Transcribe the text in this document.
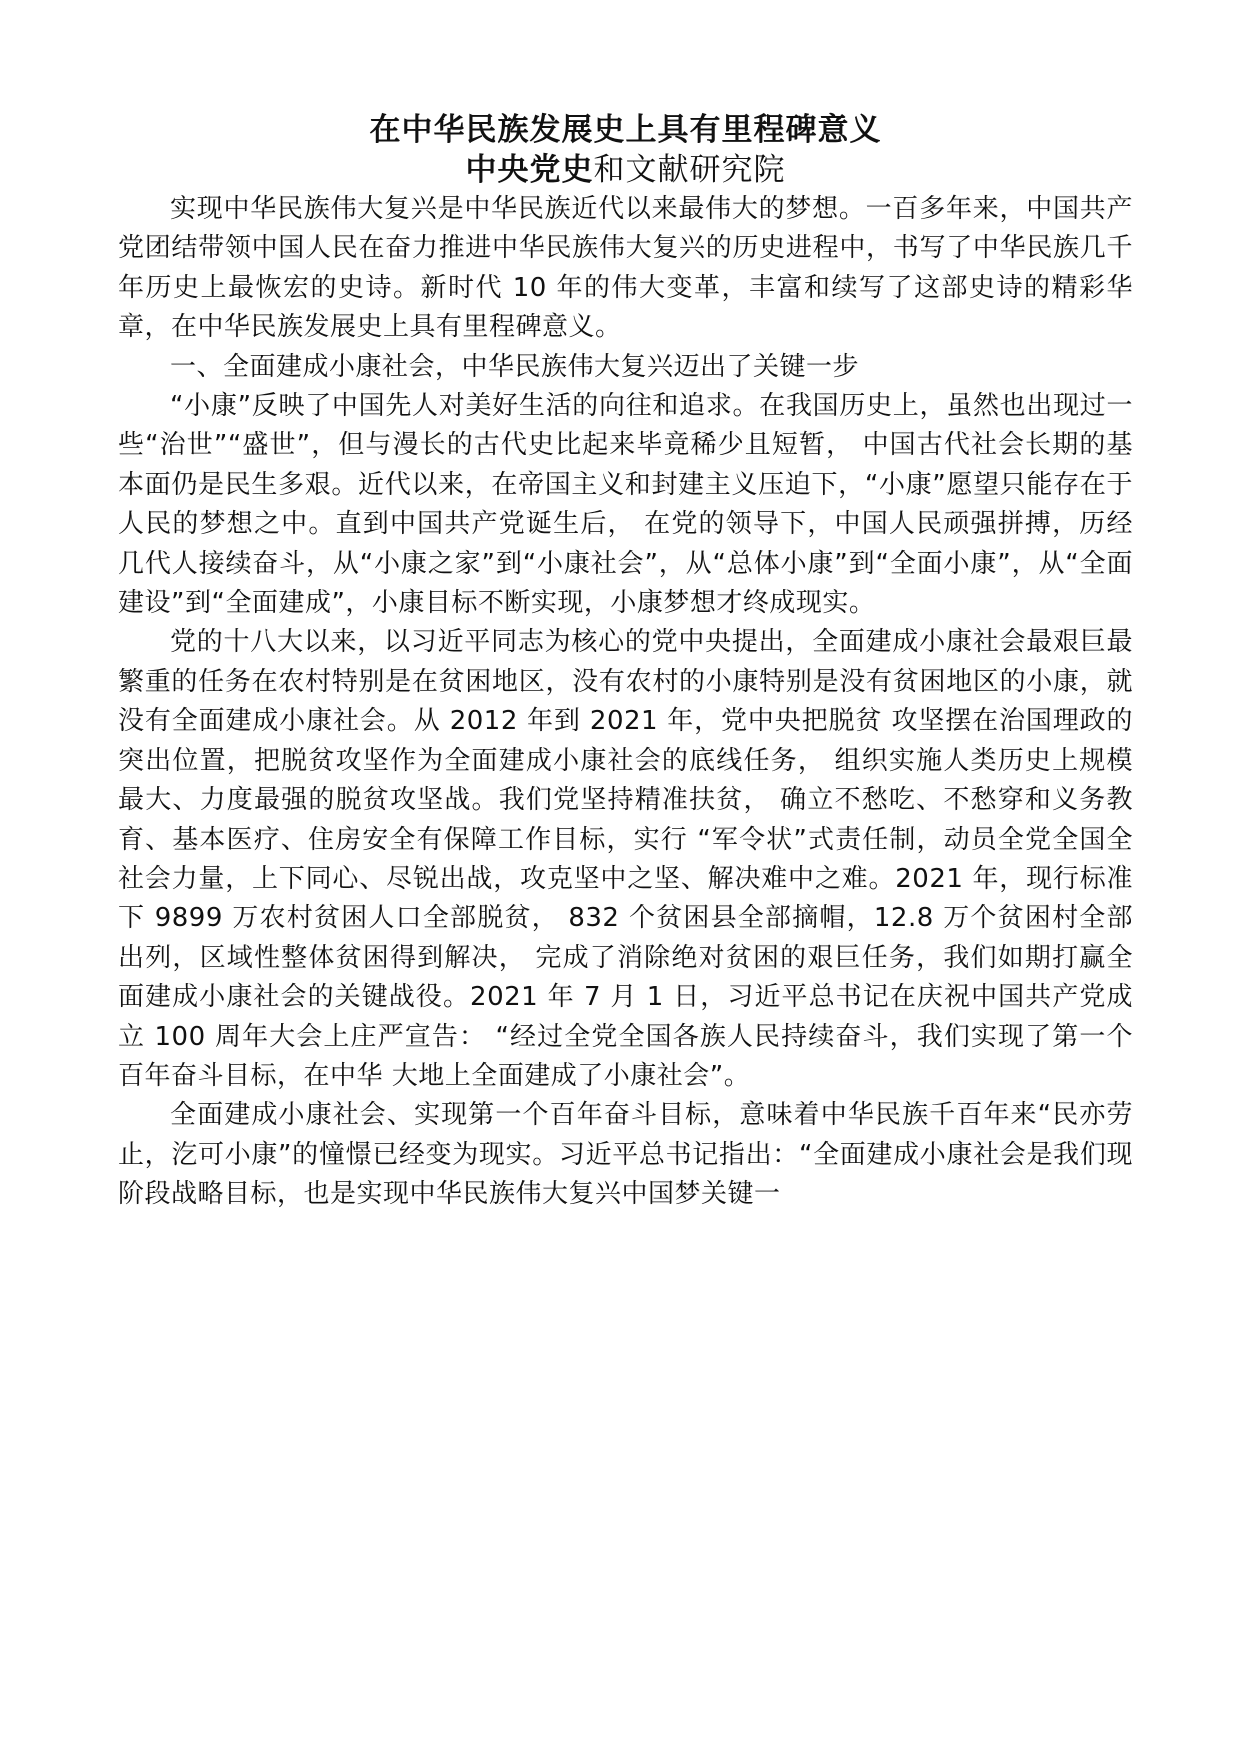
在中华民族发展史上具有里程碑意义

中央党史和文献研究院

实现中华民族伟大复兴是中华民族近代以来最伟大的梦想。一百多年来，中国共产党团结带领中国人民在奋力推进中华民族伟大复兴的历史进程中，书写了中华民族几千年历史上最恢宏的史诗。新时代 10 年的伟大变革，丰富和续写了这部史诗的精彩华章，在中华民族发展史上具有里程碑意义。

一、全面建成小康社会，中华民族伟大复兴迈出了关键一步

“小康”反映了中国先人对美好生活的向往和追求。在我国历史上，虽然也出现过一些“治世”“盛世”，但与漫长的古代史比起来毕竟稀少且短暂， 中国古代社会长期的基本面仍是民生多艰。近代以来，在帝国主义和封建主义压迫下，“小康”愿望只能存在于人民的梦想之中。直到中国共产党诞生后， 在党的领导下，中国人民顽强拼搏，历经几代人接续奋斗，从“小康之家”到“小康社会”，从“总体小康”到“全面小康”，从“全面建设”到“全面建成”，小康目标不断实现，小康梦想才终成现实。

党的十八大以来，以习近平同志为核心的党中央提出，全面建成小康社会最艰巨最繁重的任务在农村特别是在贫困地区，没有农村的小康特别是没有贫困地区的小康，就没有全面建成小康社会。从 2012 年到 2021 年，党中央把脱贫 攻坚摆在治国理政的突出位置，把脱贫攻坚作为全面建成小康社会的底线任务， 组织实施人类历史上规模最大、力度最强的脱贫攻坚战。我们党坚持精准扶贫， 确立不愁吃、不愁穿和义务教育、基本医疗、住房安全有保障工作目标，实行 “军令状”式责任制，动员全党全国全社会力量，上下同心、尽锐出战，攻克坚中之坚、解决难中之难。2021 年，现行标准下 9899 万农村贫困人口全部脱贫， 832 个贫困县全部摘帽，12.8 万个贫困村全部出列，区域性整体贫困得到解决， 完成了消除绝对贫困的艰巨任务，我们如期打赢全面建成小康社会的关键战役。2021 年 7 月 1 日，习近平总书记在庆祝中国共产党成立 100 周年大会上庄严宣告： “经过全党全国各族人民持续奋斗，我们实现了第一个百年奋斗目标，在中华 大地上全面建成了小康社会”。

全面建成小康社会、实现第一个百年奋斗目标，意味着中华民族千百年来“民亦劳止，汔可小康”的憧憬已经变为现实。习近平总书记指出：“全面建成小康社会是我们现阶段战略目标，也是实现中华民族伟大复兴中国梦关键一
